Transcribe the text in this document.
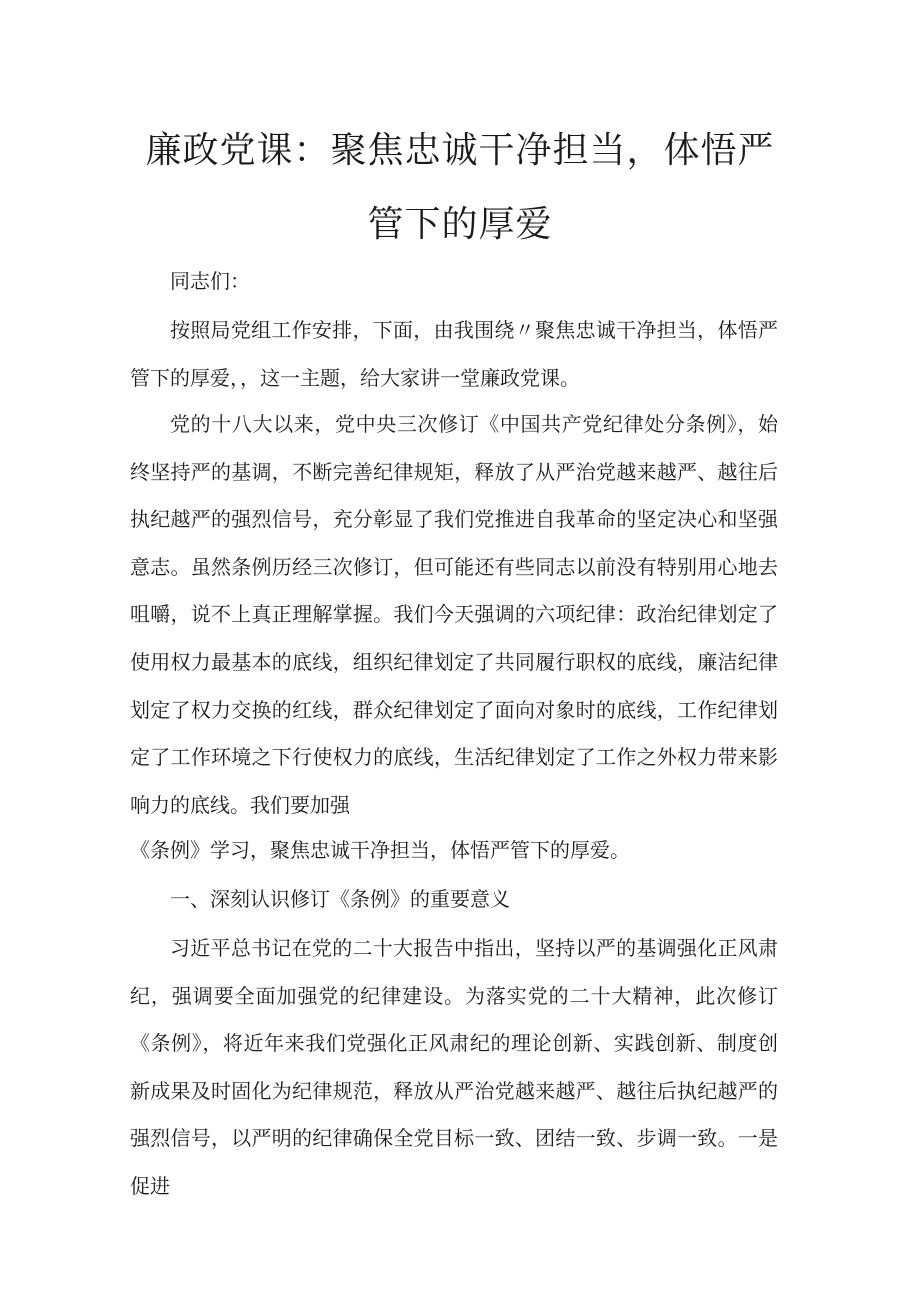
廉政党课：聚焦忠诚干净担当，体悟严
管下的厚爱

同志们：

按照局党组工作安排，下面，由我围绕〃聚焦忠诚干净担当，体悟严管下的厚爱，，这一主题，给大家讲一堂廉政党课。

党的十八大以来，党中央三次修订《中国共产党纪律处分条例》，始终坚持严的基调，不断完善纪律规矩，释放了从严治党越来越严、越往后执纪越严的强烈信号，充分彰显了我们党推进自我革命的坚定决心和坚强意志。虽然条例历经三次修订，但可能还有些同志以前没有特别用心地去咀嚼，说不上真正理解掌握。我们今天强调的六项纪律：政治纪律划定了使用权力最基本的底线，组织纪律划定了共同履行职权的底线，廉洁纪律划定了权力交换的红线，群众纪律划定了面向对象时的底线，工作纪律划定了工作环境之下行使权力的底线，生活纪律划定了工作之外权力带来影响力的底线。我们要加强

《条例》学习，聚焦忠诚干净担当，体悟严管下的厚爱。

一、深刻认识修订《条例》的重要意义

习近平总书记在党的二十大报告中指出，坚持以严的基调强化正风肃纪，强调要全面加强党的纪律建设。为落实党的二十大精神，此次修订《条例》，将近年来我们党强化正风肃纪的理论创新、实践创新、制度创新成果及时固化为纪律规范，释放从严治党越来越严、越往后执纪越严的强烈信号，以严明的纪律确保全党目标一致、团结一致、步调一致。一是促进
